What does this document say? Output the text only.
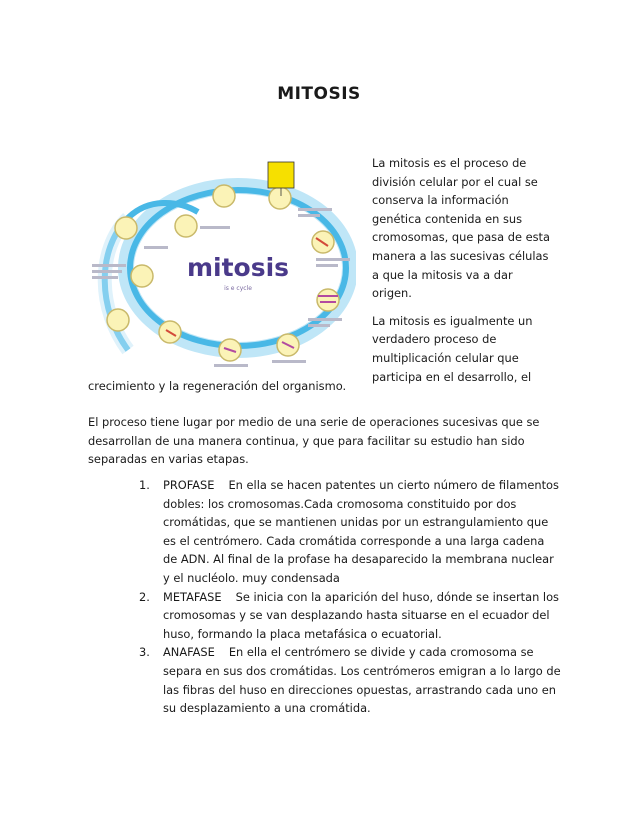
MITOSIS
mitosis
is e cycle

La mitosis es el proceso de división celular por el cual se conserva la información genética contenida en sus cromosomas, que pasa de esta manera a las sucesivas células a que la mitosis va a dar origen.

La mitosis es igualmente un verdadero proceso de multiplicación celular que participa en el desarrollo, el

crecimiento y la regeneración del organismo.

El proceso tiene lugar por medio de una serie de operaciones sucesivas que se desarrollan de una manera continua, y que para facilitar su estudio han sido separadas en varias etapas.

1. PROFASE En ella se hacen patentes un cierto número de filamentos dobles: los cromosomas.Cada cromosoma constituido por dos cromátidas, que se mantienen unidas por un estrangulamiento que es el centrómero. Cada cromátida corresponde a una larga cadena de ADN. Al final de la profase ha desaparecido la membrana nuclear y el nucléolo. muy condensada
2. METAFASE Se inicia con la aparición del huso, dónde se insertan los cromosomas y se van desplazando hasta situarse en el ecuador del huso, formando la placa metafásica o ecuatorial.
3. ANAFASE En ella el centrómero se divide y cada cromosoma se separa en sus dos cromátidas. Los centrómeros emigran a lo largo de las fibras del huso en direcciones opuestas, arrastrando cada uno en su desplazamiento a una cromátida.
